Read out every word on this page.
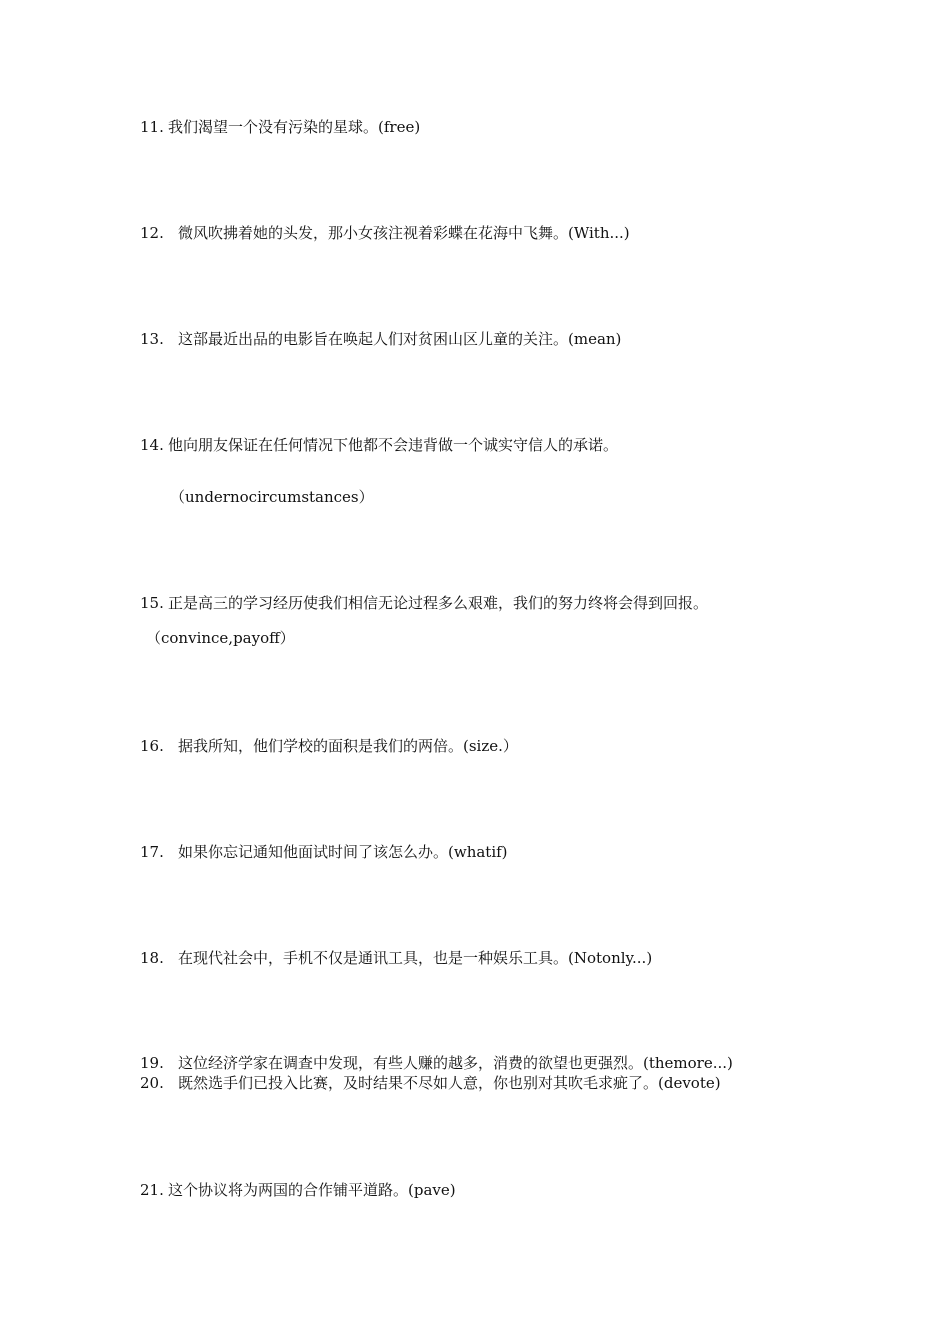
11. 我们渴望一个没有污染的星球。(free)
12. 微风吹拂着她的头发，那小女孩注视着彩蝶在花海中飞舞。(With...)
13. 这部最近出品的电影旨在唤起人们对贫困山区儿童的关注。(mean)
14. 他向朋友保证在任何情况下他都不会违背做一个诚实守信人的承诺。
（undernocircumstances）
15. 正是高三的学习经历使我们相信无论过程多么艰难，我们的努力终将会得到回报。
（convince,payoff）
16. 据我所知，他们学校的面积是我们的两倍。(size.）
17. 如果你忘记通知他面试时间了该怎么办。(whatif)
18. 在现代社会中，手机不仅是通讯工具，也是一种娱乐工具。(Notonly...)
19. 这位经济学家在调查中发现，有些人赚的越多，消费的欲望也更强烈。(themore...)
20. 既然选手们已投入比赛，及时结果不尽如人意，你也别对其吹毛求疵了。(devote)
21. 这个协议将为两国的合作铺平道路。(pave)
